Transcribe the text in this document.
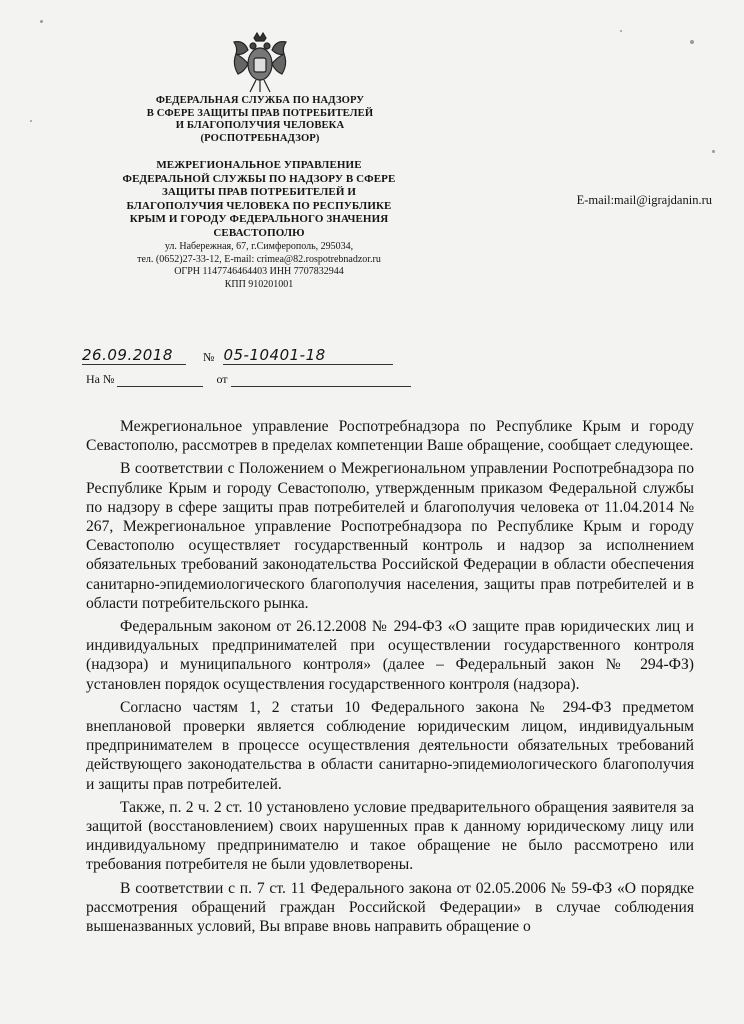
ФЕДЕРАЛЬНАЯ СЛУЖБА ПО НАДЗОРУ
В СФЕРЕ ЗАЩИТЫ ПРАВ ПОТРЕБИТЕЛЕЙ
И БЛАГОПОЛУЧИЯ ЧЕЛОВЕКА
(РОСПОТРЕБНАДЗОР)
МЕЖРЕГИОНАЛЬНОЕ УПРАВЛЕНИЕ
ФЕДЕРАЛЬНОЙ СЛУЖБЫ ПО НАДЗОРУ В СФЕРЕ
ЗАЩИТЫ ПРАВ ПОТРЕБИТЕЛЕЙ И
БЛАГОПОЛУЧИЯ ЧЕЛОВЕКА ПО РЕСПУБЛИКЕ
КРЫМ И ГОРОДУ ФЕДЕРАЛЬНОГО ЗНАЧЕНИЯ
СЕВАСТОПОЛЮ
ул. Набережная, 67, г.Симферополь, 295034,
тел. (0652)27-33-12, E-mail: crimea@82.rospotrebnadzor.ru
ОГРН 1147746464403 ИНН 7707832944
КПП 910201001
E-mail:mail@igrajdanin.ru
26.09.2018	№ 05-10401-18
На №	от

Межрегиональное управление Роспотребнадзора по Республике Крым и городу Севастополю, рассмотрев в пределах компетенции Ваше обращение, сообщает следующее.

В соответствии с Положением о Межрегиональном управлении Роспотребнадзора по Республике Крым и городу Севастополю, утвержденным приказом Федеральной службы по надзору в сфере защиты прав потребителей и благополучия человека от 11.04.2014 № 267, Межрегиональное управление Роспотребнадзора по Республике Крым и городу Севастополю осуществляет государственный контроль и надзор за исполнением обязательных требований законодательства Российской Федерации в области обеспечения санитарно-эпидемиологического благополучия населения, защиты прав потребителей и в области потребительского рынка.

Федеральным законом от 26.12.2008 № 294-ФЗ «О защите прав юридических лиц и индивидуальных предпринимателей при осуществлении государственного контроля (надзора) и муниципального контроля» (далее – Федеральный закон № 294-ФЗ) установлен порядок осуществления государственного контроля (надзора).

Согласно частям 1, 2 статьи 10 Федерального закона № 294-ФЗ предметом внеплановой проверки является соблюдение юридическим лицом, индивидуальным предпринимателем в процессе осуществления деятельности обязательных требований действующего законодательства в области санитарно-эпидемиологического благополучия и защиты прав потребителей.

Также, п. 2 ч. 2 ст. 10 установлено условие предварительного обращения заявителя за защитой (восстановлением) своих нарушенных прав к данному юридическому лицу или индивидуальному предпринимателю и такое обращение не было рассмотрено или требования потребителя не были удовлетворены.

В соответствии с п. 7 ст. 11 Федерального закона от 02.05.2006 № 59-ФЗ «О порядке рассмотрения обращений граждан Российской Федерации» в случае соблюдения вышеназванных условий, Вы вправе вновь направить обращение о
